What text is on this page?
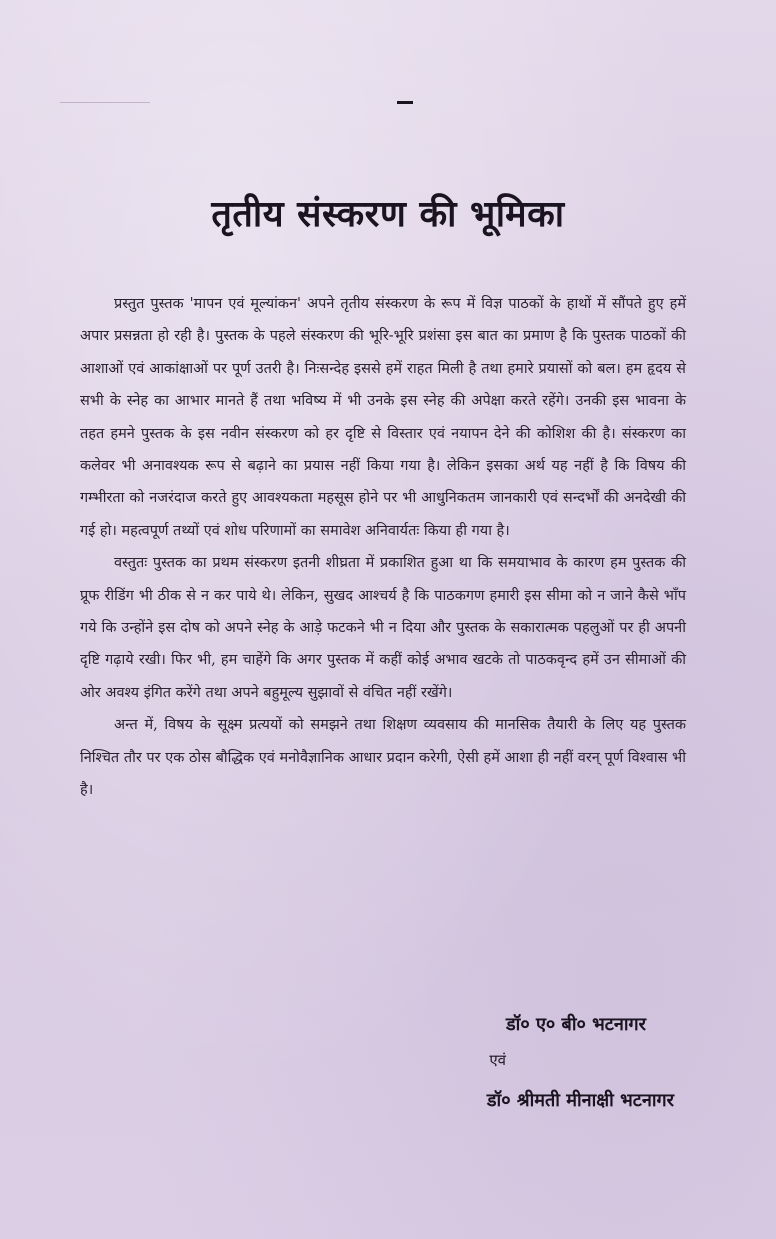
तृतीय संस्करण की भूमिका

प्रस्तुत पुस्तक 'मापन एवं मूल्यांकन' अपने तृतीय संस्करण के रूप में विज्ञ पाठकों के हाथों में सौंपते हुए हमें अपार प्रसन्नता हो रही है। पुस्तक के पहले संस्करण की भूरि-भूरि प्रशंसा इस बात का प्रमाण है कि पुस्तक पाठकों की आशाओं एवं आकांक्षाओं पर पूर्ण उतरी है। निःसन्देह इससे हमें राहत मिली है तथा हमारे प्रयासों को बल। हम हृदय से सभी के स्नेह का आभार मानते हैं तथा भविष्य में भी उनके इस स्नेह की अपेक्षा करते रहेंगे। उनकी इस भावना के तहत हमने पुस्तक के इस नवीन संस्करण को हर दृष्टि से विस्तार एवं नयापन देने की कोशिश की है। संस्करण का कलेवर भी अनावश्यक रूप से बढ़ाने का प्रयास नहीं किया गया है। लेकिन इसका अर्थ यह नहीं है कि विषय की गम्भीरता को नजरंदाज करते हुए आवश्यकता महसूस होने पर भी आधुनिकतम जानकारी एवं सन्दर्भों की अनदेखी की गई हो। महत्वपूर्ण तथ्यों एवं शोध परिणामों का समावेश अनिवार्यतः किया ही गया है।

वस्तुतः पुस्तक का प्रथम संस्करण इतनी शीघ्रता में प्रकाशित हुआ था कि समयाभाव के कारण हम पुस्तक की प्रूफ रीडिंग भी ठीक से न कर पाये थे। लेकिन, सुखद आश्चर्य है कि पाठकगण हमारी इस सीमा को न जाने कैसे भाँप गये कि उन्होंने इस दोष को अपने स्नेह के आड़े फटकने भी न दिया और पुस्तक के सकारात्मक पहलुओं पर ही अपनी दृष्टि गढ़ाये रखी। फिर भी, हम चाहेंगे कि अगर पुस्तक में कहीं कोई अभाव खटके तो पाठकवृन्द हमें उन सीमाओं की ओर अवश्य इंगित करेंगे तथा अपने बहुमूल्य सुझावों से वंचित नहीं रखेंगे।

अन्त में, विषय के सूक्ष्म प्रत्ययों को समझने तथा शिक्षण व्यवसाय की मानसिक तैयारी के लिए यह पुस्तक निश्चित तौर पर एक ठोस बौद्धिक एवं मनोवैज्ञानिक आधार प्रदान करेगी, ऐसी हमें आशा ही नहीं वरन् पूर्ण विश्वास भी है।

डॉ० ए० बी० भटनागर
एवं
डॉ० श्रीमती मीनाक्षी भटनागर
